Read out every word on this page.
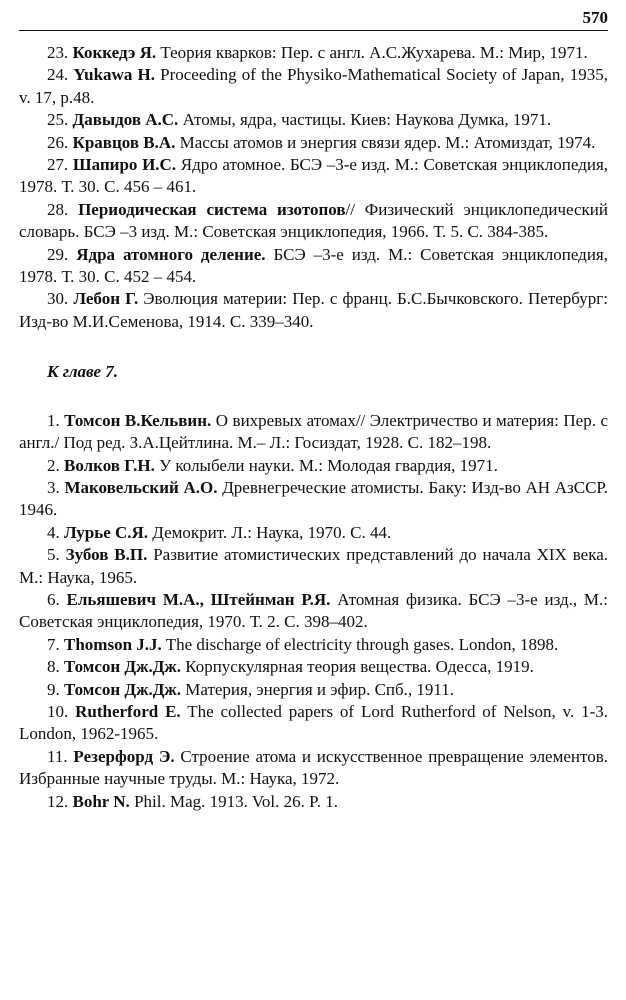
570

23. Коккедэ Я. Теория кварков: Пер. с англ. А.С.Жухарева. М.: Мир, 1971.

24. Yukawa H. Proceeding of the Physiko-Mathematical Society of Japan, 1935, v. 17, p.48.

25. Давыдов А.С. Атомы, ядра, частицы. Киев: Наукова Думка, 1971.

26. Кравцов В.А. Массы атомов и энергия связи ядер. М.: Атомиздат, 1974.

27. Шапиро И.С. Ядро атомное. БСЭ –3-е изд. М.: Советская энциклопедия, 1978. Т. 30. С. 456 – 461.

28. Периодическая система изотопов// Физический энциклопедический словарь. БСЭ –3 изд. М.: Советская энциклопедия, 1966. Т. 5. С. 384-385.

29. Ядра атомного деление. БСЭ –3-е изд. М.: Советская энциклопедия, 1978. Т. 30. С. 452 – 454.

30. Лебон Г. Эволюция материи: Пер. с франц. Б.С.Бычковского. Петербург: Изд-во М.И.Семенова, 1914. С. 339–340.

К главе 7.

1. Томсон В.Кельвин. О вихревых атомах// Электричество и материя: Пер. с англ./ Под ред. З.А.Цейтлина. М.– Л.: Госиздат, 1928. С. 182–198.

2. Волков Г.Н. У колыбели науки. М.: Молодая гвардия, 1971.

3. Маковельский А.О. Древнегреческие атомисты. Баку: Изд-во АН АзССР. 1946.

4. Лурье С.Я. Демокрит. Л.: Наука, 1970. С. 44.

5. Зубов В.П. Развитие атомистических представлений до начала XIX века. М.: Наука, 1965.

6. Ельяшевич М.А., Штейнман Р.Я. Атомная физика. БСЭ –3-е изд., М.: Советская энциклопедия, 1970. Т. 2. С. 398–402.

7. Thomson J.J. The discharge of electricity through gases. London, 1898.

8. Томсон Дж.Дж. Корпускулярная теория вещества. Одесса, 1919.

9. Томсон Дж.Дж. Материя, энергия и эфир. Спб., 1911.

10. Rutherford E. The collected papers of Lord Rutherford of Nelson, v. 1-3. London, 1962-1965.

11. Резерфорд Э. Строение атома и искусственное превращение элементов. Избранные научные труды. М.: Наука, 1972.

12. Bohr N. Phil. Mag. 1913. Vol. 26. P. 1.
